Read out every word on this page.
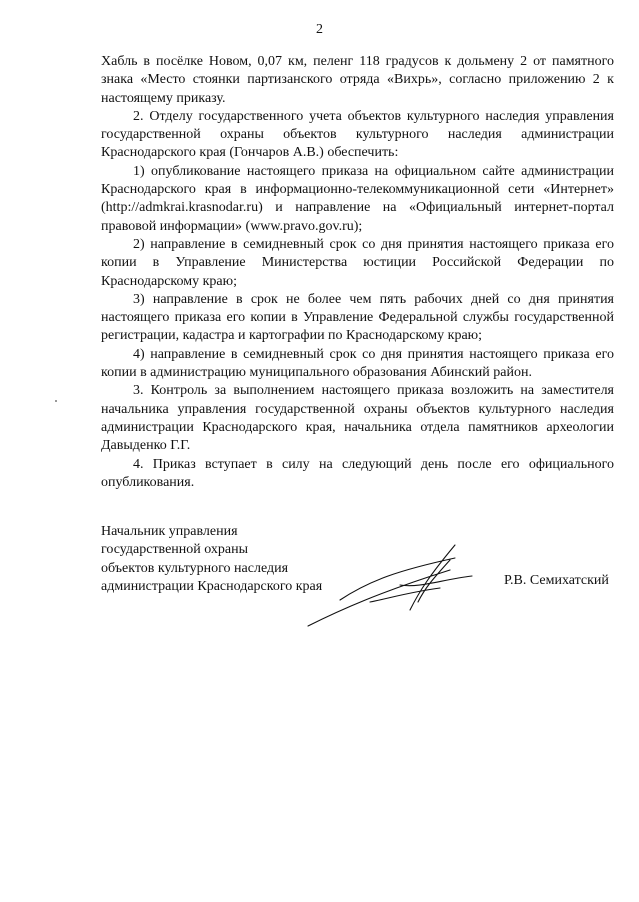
2

Хабль в посёлке Новом, 0,07 км, пеленг 118 градусов к дольмену 2 от памятного знака «Место стоянки партизанского отряда «Вихрь», согласно приложению 2 к настоящему приказу.

2. Отделу государственного учета объектов культурного наследия управления государственной охраны объектов культурного наследия администрации Краснодарского края (Гончаров А.В.) обеспечить:

1) опубликование настоящего приказа на официальном сайте администрации Краснодарского края в информационно-телекоммуникационной сети «Интернет» (http://admkrai.krasnodar.ru) и направление на «Официальный интернет-портал правовой информации» (www.pravo.gov.ru);

2) направление в семидневный срок со дня принятия настоящего приказа его копии в Управление Министерства юстиции Российской Федерации по Краснодарскому краю;

3) направление в срок не более чем пять рабочих дней со дня принятия настоящего приказа его копии в Управление Федеральной службы государственной регистрации, кадастра и картографии по Краснодарскому краю;

4) направление в семидневный срок со дня принятия настоящего приказа его копии в администрацию муниципального образования Абинский район.

3. Контроль за выполнением настоящего приказа возложить на заместителя начальника управления государственной охраны объектов культурного наследия администрации Краснодарского края, начальника отдела памятников археологии Давыденко Г.Г.

4. Приказ вступает в силу на следующий день после его официального опубликования.

Начальник управления
государственной охраны
объектов культурного наследия
администрации Краснодарского края	Р.В. Семихатский
